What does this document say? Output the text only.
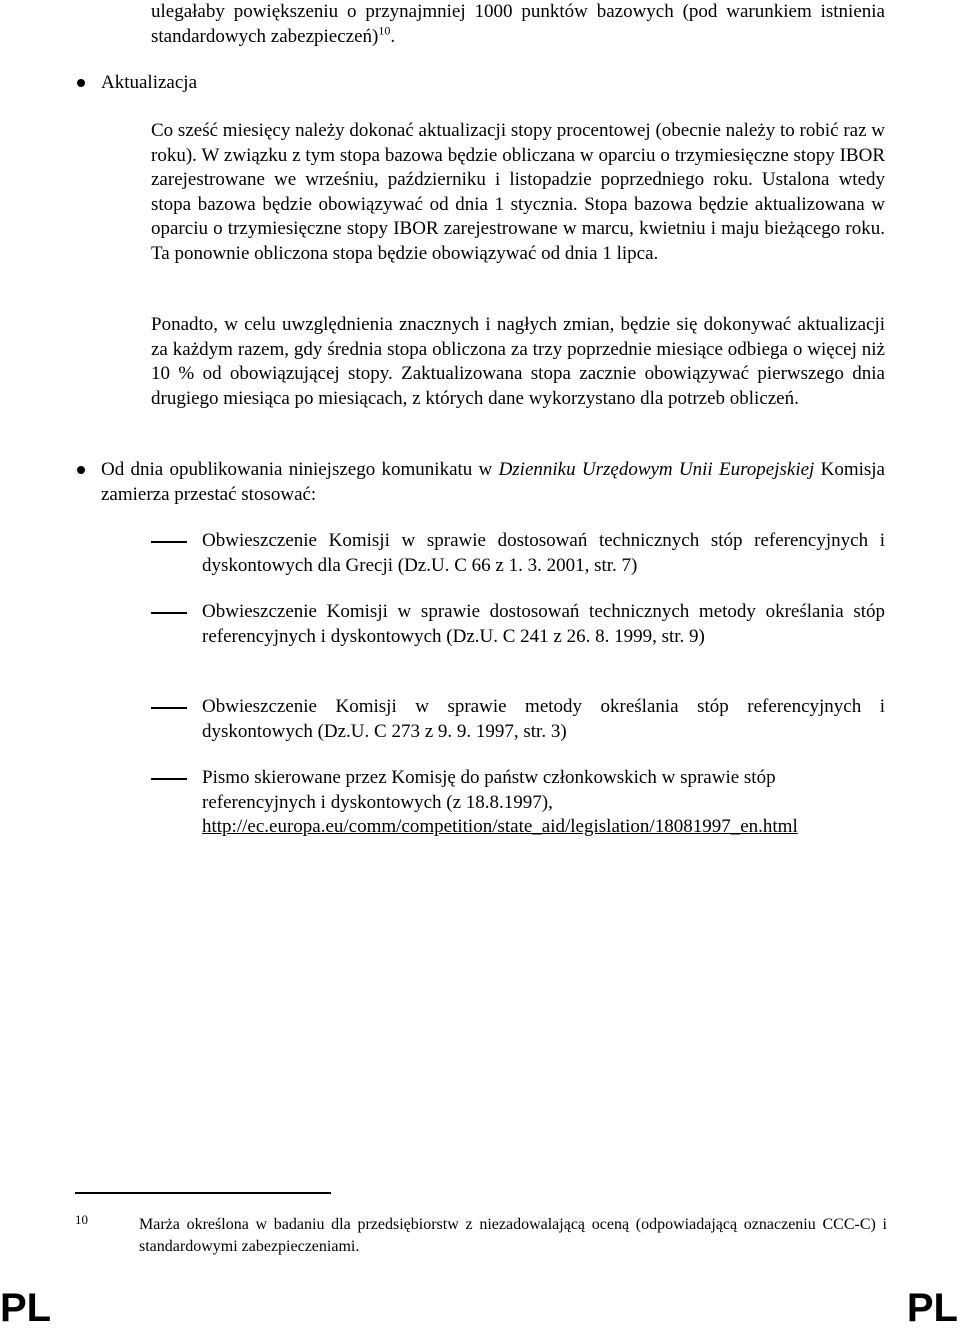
ulegałaby powiększeniu o przynajmniej 1000 punktów bazowych (pod warunkiem istnienia standardowych zabezpieczeń)$^{10}$.
Aktualizacja
Co sześć miesięcy należy dokonać aktualizacji stopy procentowej (obecnie należy to robić raz w roku). W związku z tym stopa bazowa będzie obliczana w oparciu o trzymiesięczne stopy IBOR zarejestrowane we wrześniu, październiku i listopadzie poprzedniego roku. Ustalona wtedy stopa bazowa będzie obowiązywać od dnia 1 stycznia. Stopa bazowa będzie aktualizowana w oparciu o trzymiesięczne stopy IBOR zarejestrowane w marcu, kwietniu i maju bieżącego roku. Ta ponownie obliczona stopa będzie obowiązywać od dnia 1 lipca.
Ponadto, w celu uwzględnienia znacznych i nagłych zmian, będzie się dokonywać aktualizacji za każdym razem, gdy średnia stopa obliczona za trzy poprzednie miesiące odbiega o więcej niż 10 % od obowiązującej stopy. Zaktualizowana stopa zacznie obowiązywać pierwszego dnia drugiego miesiąca po miesiącach, z których dane wykorzystano dla potrzeb obliczeń.
Od dnia opublikowania niniejszego komunikatu w Dzienniku Urzędowym Unii Europejskiej Komisja zamierza przestać stosować:
Obwieszczenie Komisji w sprawie dostosowań technicznych stóp referencyjnych i dyskontowych dla Grecji (Dz.U. C 66 z 1. 3. 2001, str. 7)
Obwieszczenie Komisji w sprawie dostosowań technicznych metody określania stóp referencyjnych i dyskontowych (Dz.U. C 241 z 26. 8. 1999, str. 9)
Obwieszczenie Komisji w sprawie metody określania stóp referencyjnych i dyskontowych (Dz.U. C 273 z 9. 9. 1997, str. 3)
Pismo skierowane przez Komisję do państw członkowskich w sprawie stóp referencyjnych i dyskontowych (z 18.8.1997),
http://ec.europa.eu/comm/competition/state_aid/legislation/18081997_en.html
10	Marża określona w badaniu dla przedsiębiorstw z niezadowalającą oceną (odpowiadającą oznaczeniu CCC-C) i standardowymi zabezpieczeniami.
PL	PL
